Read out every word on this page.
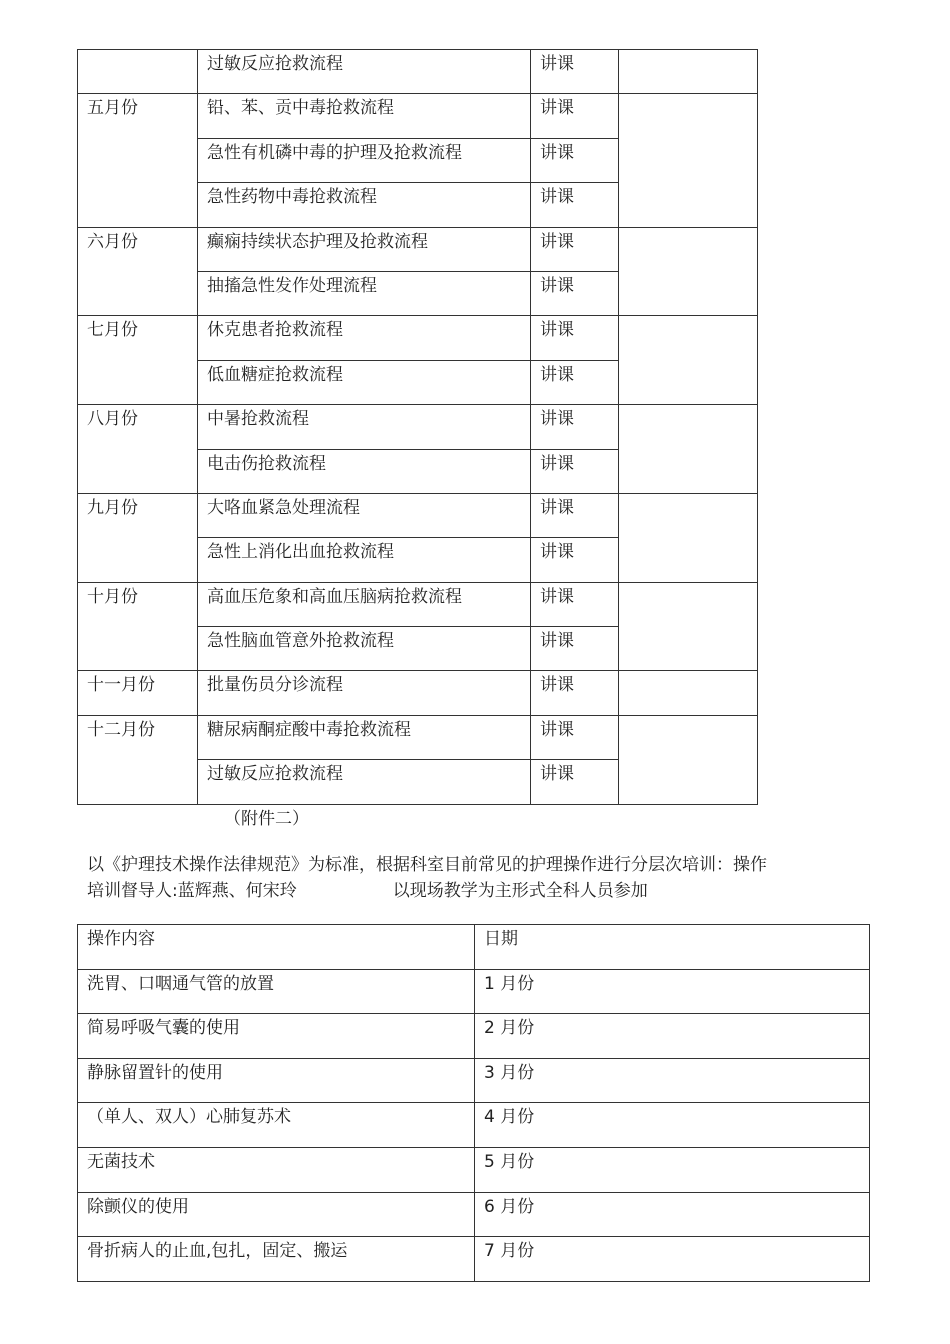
	过敏反应抢救流程	讲课	
五月份	铅、苯、贡中毒抢救流程	讲课	
	急性有机磷中毒的护理及抢救流程	讲课	
	急性药物中毒抢救流程	讲课	
六月份	癫痫持续状态护理及抢救流程	讲课	
	抽搐急性发作处理流程	讲课	
七月份	休克患者抢救流程	讲课	
	低血糖症抢救流程	讲课	
八月份	中暑抢救流程	讲课	
	电击伤抢救流程	讲课	
九月份	大咯血紧急处理流程	讲课	
	急性上消化出血抢救流程	讲课	
十月份	高血压危象和高血压脑病抢救流程	讲课	
	急性脑血管意外抢救流程	讲课	
十一月份	批量伤员分诊流程	讲课	
十二月份	糖尿病酮症酸中毒抢救流程	讲课	
	过敏反应抢救流程	讲课	
（附件二）
以《护理技术操作法律规范》为标准，根据科室目前常见的护理操作进行分层次培训：操作
培训督导人:蓝辉燕、何宋玲	以现场教学为主形式全科人员参加
操作内容	日期
洗胃、口咽通气管的放置	1 月份
简易呼吸气囊的使用	2 月份
静脉留置针的使用	3 月份
（单人、双人）心肺复苏术	4 月份
无菌技术	5 月份
除颤仪的使用	6 月份
骨折病人的止血,包扎，固定、搬运	7 月份
